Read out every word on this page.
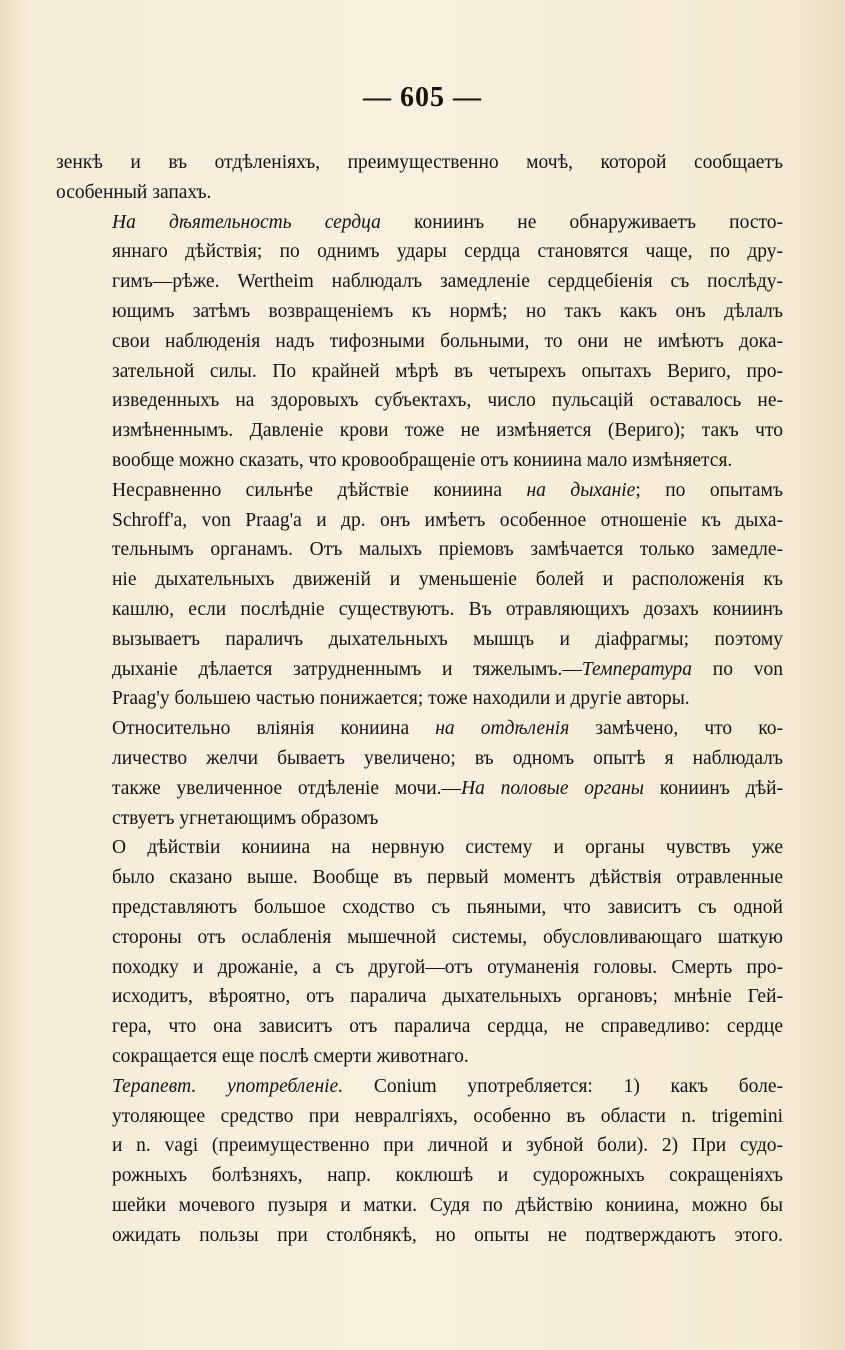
— 605 —

зенкѣ и въ отдѣленіяхъ, преимущественно мочѣ, которой сообщаетъ
особенный запахъ.

На дѣятельность сердца кониинъ не обнаруживаетъ посто-
яннаго дѣйствія; по однимъ удары сердца становятся чаще, по дру-
гимъ—рѣже. Wertheim наблюдалъ замедленіе сердцебіенія съ послѣду-
ющимъ затѣмъ возвращеніемъ къ нормѣ; но такъ какъ онъ дѣлалъ
свои наблюденія надъ тифозными больными, то они не имѣютъ дока-
зательной силы. По крайней мѣрѣ въ четырехъ опытахъ Вериго, про-
изведенныхъ на здоровыхъ субъектахъ, число пульсацій оставалось не-
измѣненнымъ. Давленіе крови тоже не измѣняется (Вериго); такъ что
вообще можно сказать, что кровообращеніе отъ кониина мало измѣняется.

Несравненно сильнѣе дѣйствіе кониина на дыханіе; по опытамъ
Schroff'a, von Praag'a и др. онъ имѣетъ особенное отношеніе къ дыха-
тельнымъ органамъ. Отъ малыхъ пріемовъ замѣчается только замедле-
ніе дыхательныхъ движеній и уменьшеніе болей и расположенія къ
кашлю, если послѣдніе существуютъ. Въ отравляющихъ дозахъ кониинъ
вызываетъ параличъ дыхательныхъ мышцъ и діафрагмы; поэтому
дыханіе дѣлается затрудненнымъ и тяжелымъ.—Температура по von
Praag'у большею частью понижается; тоже находили и другіе авторы.

Относительно вліянія кониина на отдѣленія замѣчено, что ко-
личество желчи бываетъ увеличено; въ одномъ опытѣ я наблюдалъ
также увеличенное отдѣленіе мочи.—На половые органы кониинъ дѣй-
ствуетъ угнетающимъ образомъ

О дѣйствіи кониина на нервную систему и органы чувствъ уже
было сказано выше. Вообще въ первый моментъ дѣйствія отравленные
представляютъ большое сходство съ пьяными, что зависитъ съ одной
стороны отъ ослабленія мышечной системы, обусловливающаго шаткую
походку и дрожаніе, а съ другой—отъ отуманенія головы. Смерть про-
исходитъ, вѣроятно, отъ паралича дыхательныхъ органовъ; мнѣніе Гей-
гера, что она зависитъ отъ паралича сердца, не справедливо: сердце
сокращается еще послѣ смерти животнаго.

Терапевт. употребленіе. Conium употребляется: 1) какъ боле-
утоляющее средство при невралгіяхъ, особенно въ области n. trigemini
и n. vagi (преимущественно при личной и зубной боли). 2) При судо-
рожныхъ болѣзняхъ, напр. коклюшѣ и судорожныхъ сокращеніяхъ
шейки мочевого пузыря и матки. Судя по дѣйствію кониина, можно бы
ожидать пользы при столбнякѣ, но опыты не подтверждаютъ этого.
